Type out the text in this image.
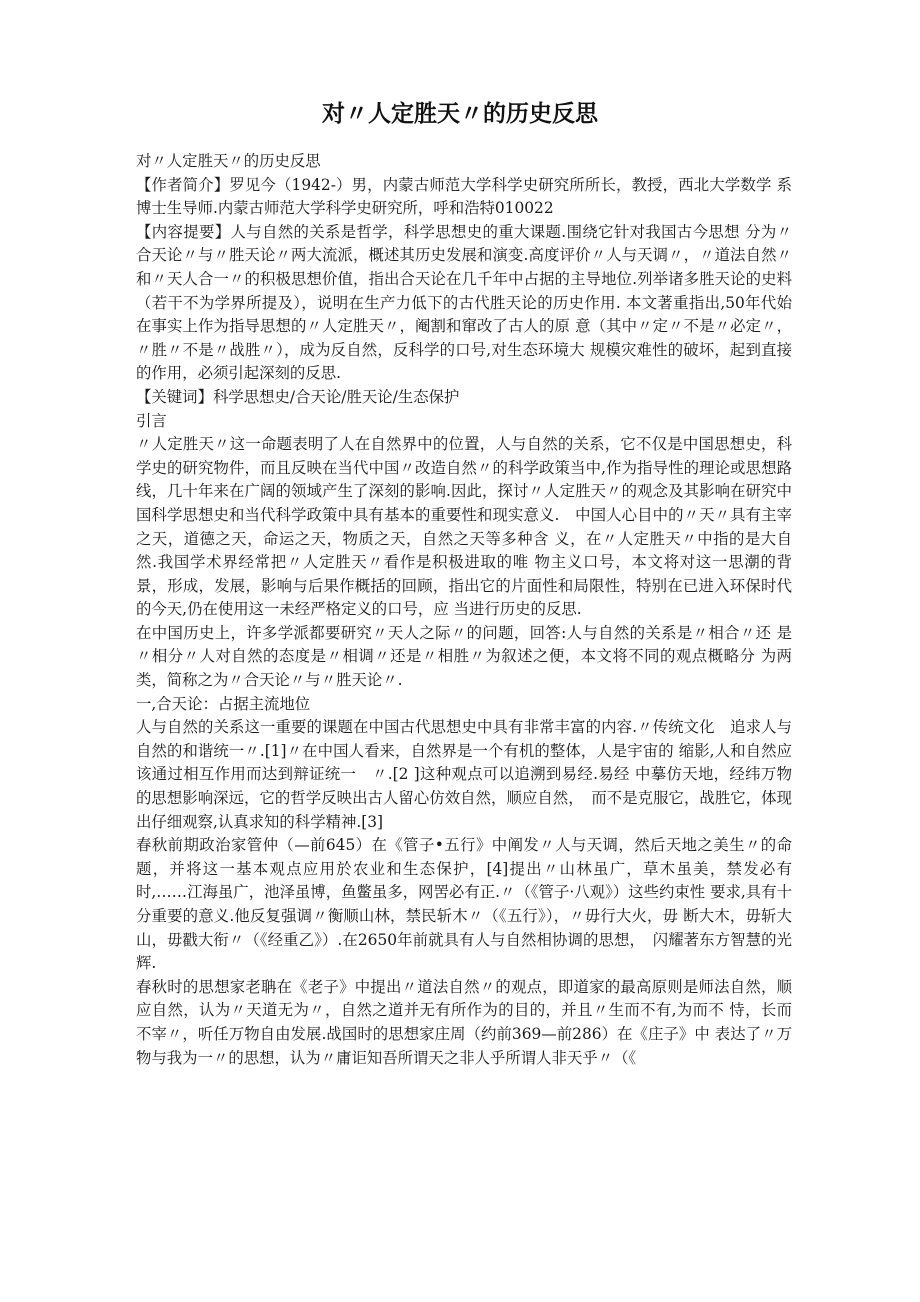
对〃人定胜天〃的历史反思

对〃人定胜天〃的历史反思

【作者简介】罗见今（1942-）男，内蒙古师范大学科学史研究所所长，教授，西北大学数学 系博士生导师.内蒙古师范大学科学史研究所，呼和浩特010022

【内容提要】人与自然的关系是哲学，科学思想史的重大课题.围绕它针对我国古今思想 分为〃合天论〃与〃胜天论〃两大流派，概述其历史发展和演变.高度评价〃人与天调〃，〃道法自然〃和〃天人合一〃的积极思想价值，指出合天论在几千年中占据的主导地位.列举诸多胜天论的史料（若干不为学界所提及），说明在生产力低下的古代胜天论的历史作用. 本文著重指出,50年代始在事实上作为指导思想的〃人定胜天〃，阉割和窜改了古人的原 意（其中〃定〃不是〃必定〃，〃胜〃不是〃战胜〃），成为反自然，反科学的口号,对生态环境大 规模灾难性的破坏，起到直接的作用，必须引起深刻的反思.

【关键词】科学思想史/合天论/胜天论/生态保护

引言

〃人定胜天〃这一命题表明了人在自然界中的位置，人与自然的关系，它不仅是中国思想史，科学史的研究物件，而且反映在当代中国〃改造自然〃的科学政策当中,作为指导性的理论或思想路线，几十年来在广阔的领域产生了深刻的影响.因此，探讨〃人定胜天〃的观念及其影响在研究中国科学思想史和当代科学政策中具有基本的重要性和现实意义.　中国人心目中的〃天〃具有主宰之天，道德之天，命运之天，物质之天，自然之天等多种含 义，在〃人定胜天〃中指的是大自然.我国学术界经常把〃人定胜天〃看作是积极进取的唯 物主义口号，本文将对这一思潮的背景，形成，发展，影响与后果作概括的回顾，指出它的片面性和局限性，特别在已进入环保时代的今天,仍在使用这一未经严格定义的口号，应 当进行历史的反思.

在中国历史上，许多学派都要研究〃天人之际〃的问题，回答:人与自然的关系是〃相合〃还 是〃相分〃人对自然的态度是〃相调〃还是〃相胜〃为叙述之便，本文将不同的观点概略分 为两类，简称之为〃合天论〃与〃胜天论〃.

一,合天论：占据主流地位

人与自然的关系这一重要的课题在中国古代思想史中具有非常丰富的内容.〃传统文化　追求人与自然的和谐统一〃.[1]〃在中国人看来，自然界是一个有机的整体，人是宇宙的 缩影,人和自然应该通过相互作用而达到辩证统一　〃.[2 ]这种观点可以追溯到易经.易经 中摹仿天地，经纬万物的思想影响深远，它的哲学反映出古人留心仿效自然，顺应自然，　而不是克服它，战胜它，体现出仔细观察,认真求知的科学精神.[3]

春秋前期政治家管仲（—前645）在《管子•五行》中阐发〃人与天调，然后天地之美生〃的命题，并将这一基本观点应用於农业和生态保护，[4]提出〃山林虽广，草木虽美，禁发必有时,……江海虽广，池泽虽博，鱼鳖虽多，网罟必有正.〃（《管子·八观》）这些约束性 要求,具有十分重要的意义.他反复强调〃衡顺山林，禁民斩木〃（《五行》），〃毋行大火，毋 断大木，毋斩大山，毋戳大衔〃（《经重乙》）.在2650年前就具有人与自然相协调的思想，　闪耀著东方智慧的光辉.

春秋时的思想家老聃在《老子》中提出〃道法自然〃的观点，即道家的最高原则是师法自然，顺应自然，认为〃天道无为〃，自然之道并无有所作为的目的，并且〃生而不有,为而不 恃，长而不宰〃，听任万物自由发展.战国时的思想家庄周（约前369—前286）在《庄子》中 表达了〃万物与我为一〃的思想，认为〃庸讵知吾所谓天之非人乎所谓人非天乎〃（《
